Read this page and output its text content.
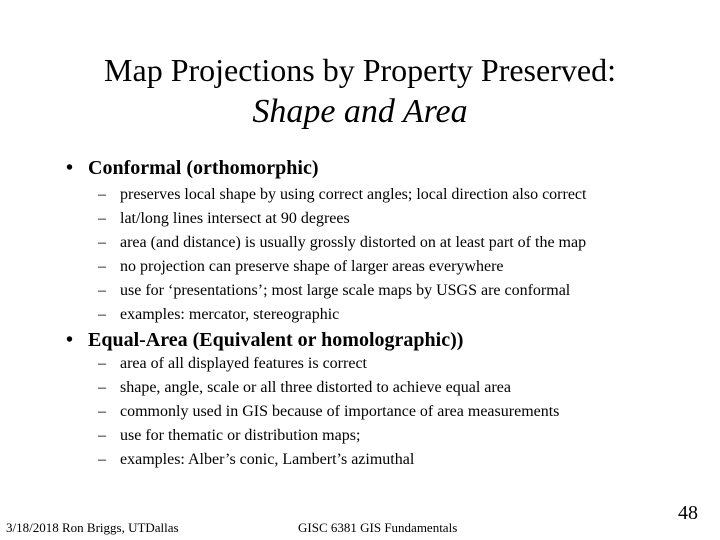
Map Projections by Property Preserved:
Shape and Area
• Conformal (orthomorphic)
– preserves local shape by using correct angles; local direction also correct
– lat/long lines intersect at 90 degrees
– area (and distance) is usually grossly distorted on at least part of the map
– no projection can preserve shape of larger areas everywhere
– use for ‘presentations’; most large scale maps by USGS are conformal
– examples: mercator, stereographic
• Equal-Area (Equivalent or homolographic))
– area of all displayed features is correct
– shape, angle, scale or all three distorted to achieve equal area
– commonly used in GIS because of importance of area measurements
– use for thematic or distribution maps;
– examples: Alber’s conic, Lambert’s azimuthal
3/18/2018 Ron Briggs, UTDallas	GISC 6381 GIS Fundamentals
48
